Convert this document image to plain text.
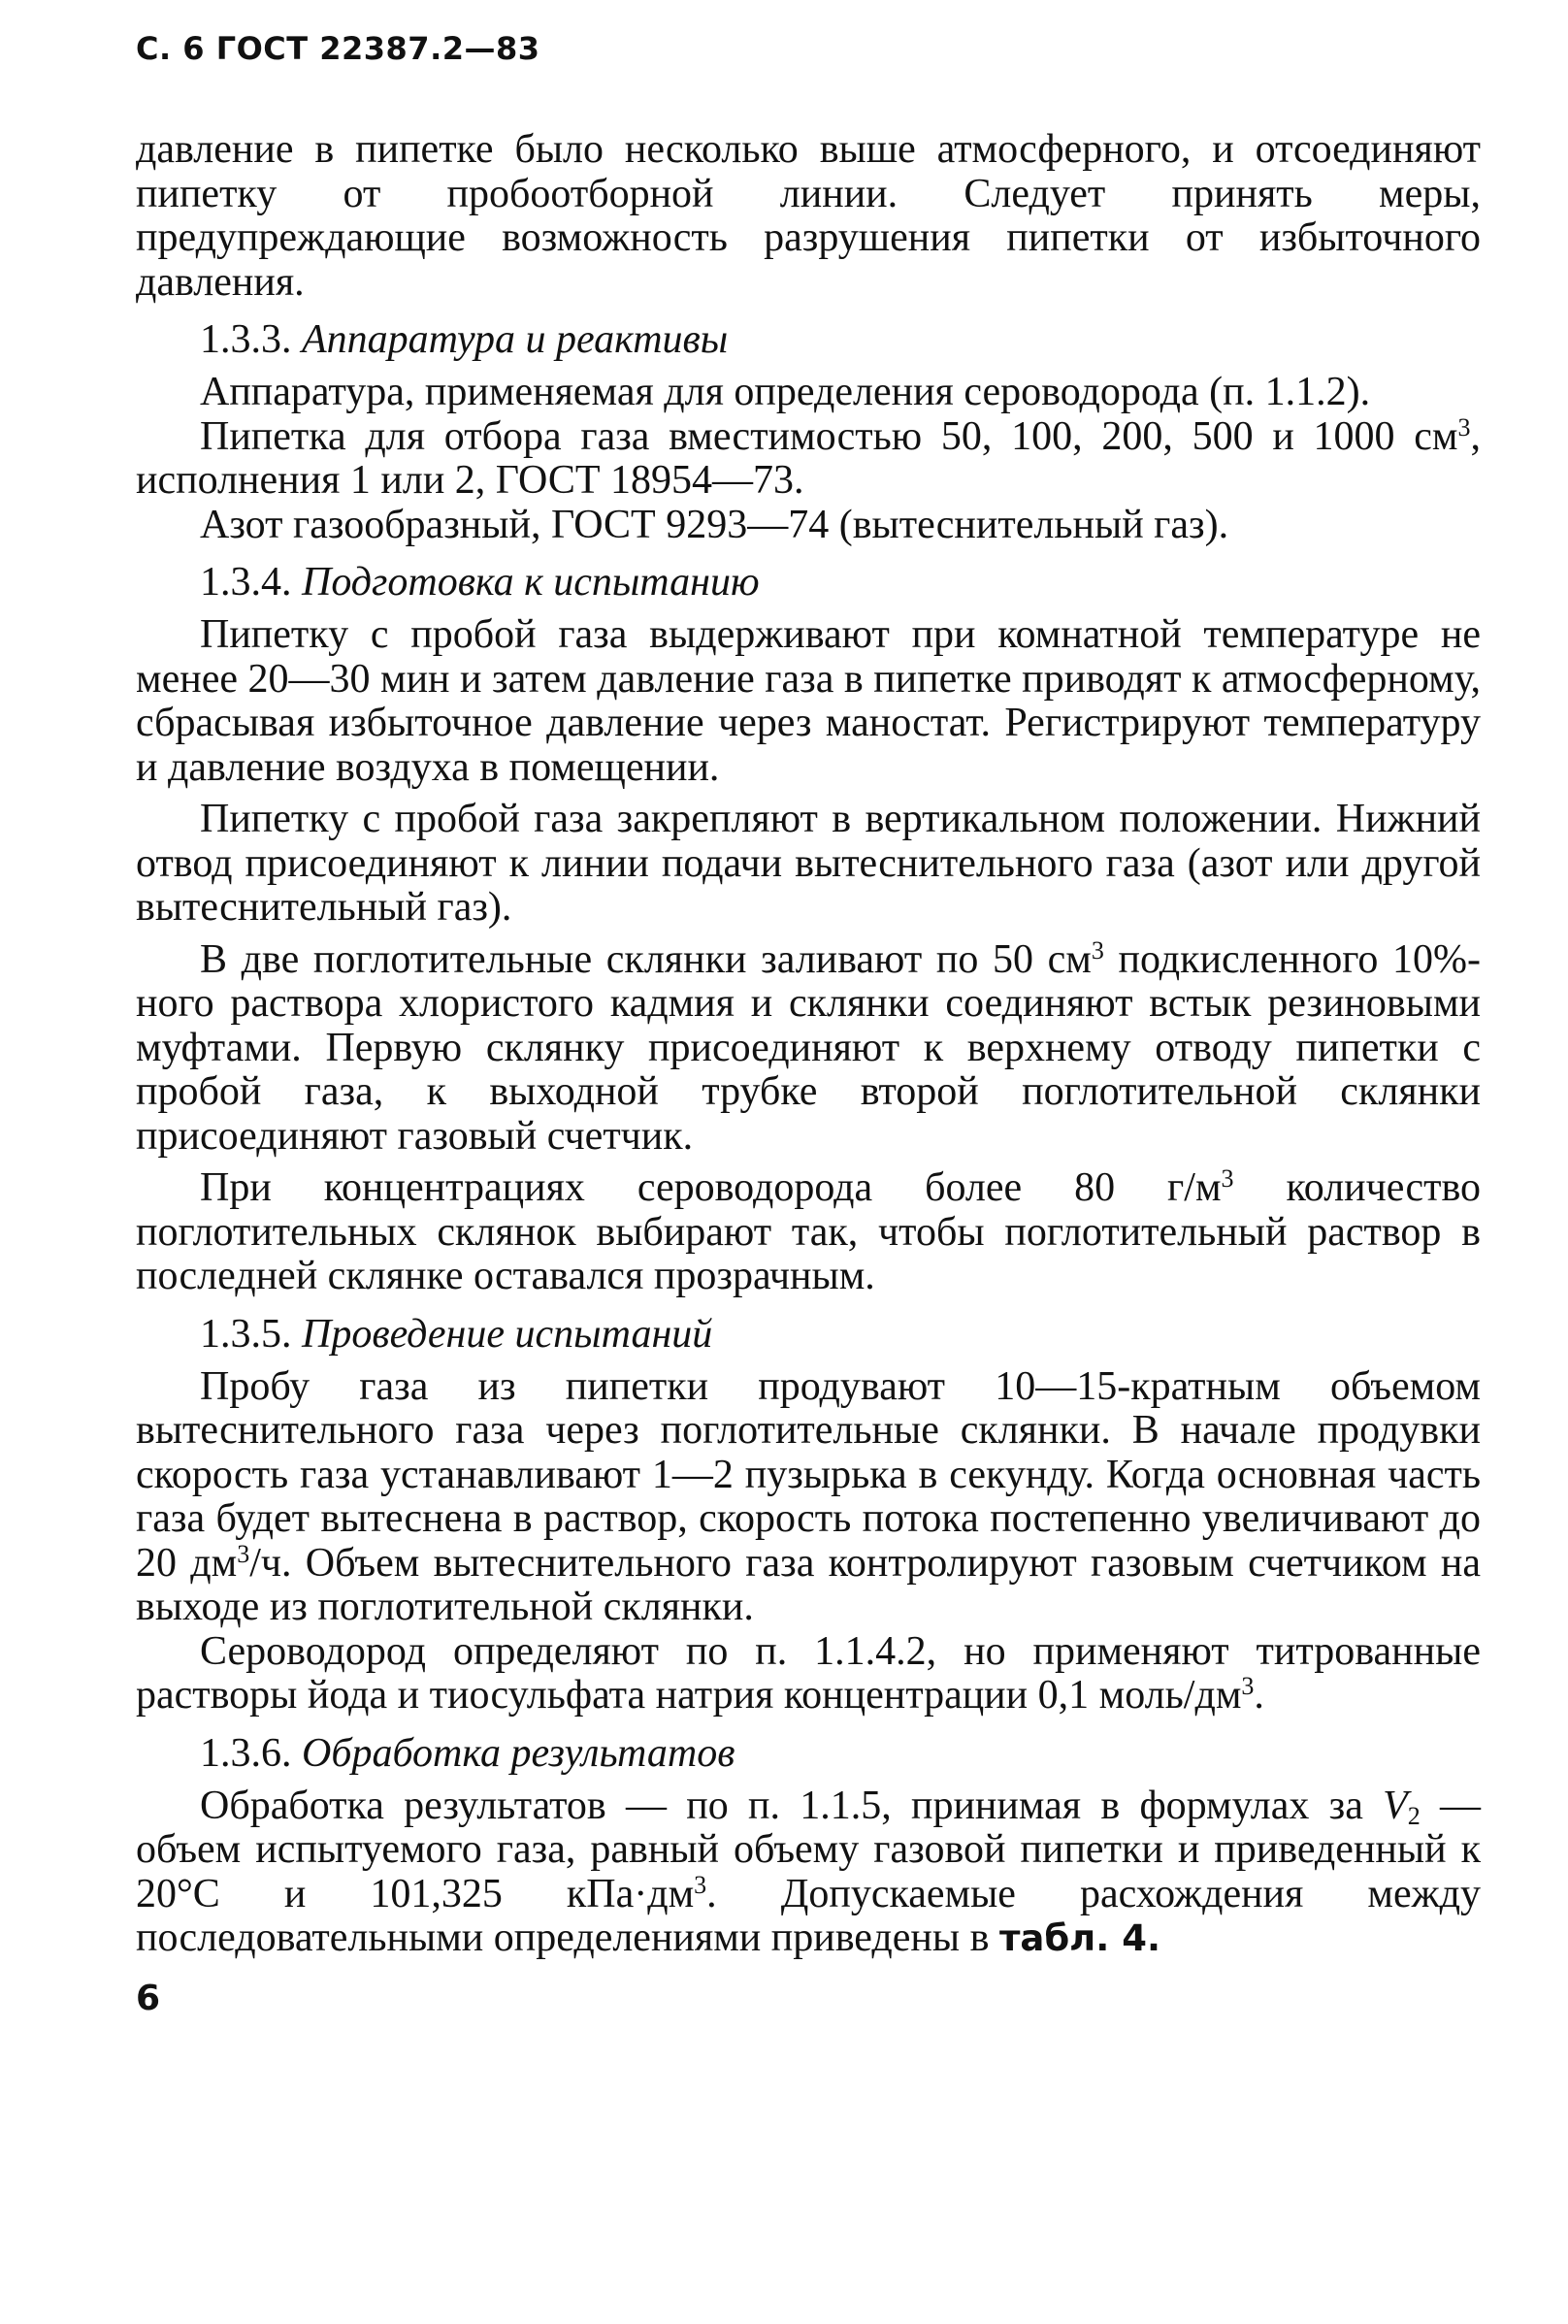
С. 6 ГОСТ 22387.2—83

давление в пипетке было несколько выше атмосферного, и отсоединяют пипетку от пробоотборной линии. Следует принять меры, предупреждающие возможность разрушения пипетки от избыточного давления.

1.3.3. Аппаратура и реактивы

Аппаратура, применяемая для определения сероводорода (п. 1.1.2).

Пипетка для отбора газа вместимостью 50, 100, 200, 500 и 1000 $см^3$, исполнения 1 или 2, ГОСТ 18954—73.

Азот газообразный, ГОСТ 9293—74 (вытеснительный газ).

1.3.4. Подготовка к испытанию

Пипетку с пробой газа выдерживают при комнатной температуре не менее 20—30 мин и затем давление газа в пипетке приводят к атмосферному, сбрасывая избыточное давление через маностат. Регистрируют температуру и давление воздуха в помещении.

Пипетку с пробой газа закрепляют в вертикальном положении. Нижний отвод присоединяют к линии подачи вытеснительного газа (азот или другой вытеснительный газ).

В две поглотительные склянки заливают по 50 $см^3$ подкисленного 10%-ного раствора хлористого кадмия и склянки соединяют встык резиновыми муфтами. Первую склянку присоединяют к верхнему отводу пипетки с пробой газа, к выходной трубке второй поглотительной склянки присоединяют газовый счетчик.

При концентрациях сероводорода более 80 $г/м^3$ количество поглотительных склянок выбирают так, чтобы поглотительный раствор в последней склянке оставался прозрачным.

1.3.5. Проведение испытаний

Пробу газа из пипетки продувают 10—15-кратным объемом вытеснительного газа через поглотительные склянки. В начале продувки скорость газа устанавливают 1—2 пузырька в секунду. Когда основная часть газа будет вытеснена в раствор, скорость потока постепенно увеличивают до 20 $дм^3/ч$. Объем вытеснительного газа контролируют газовым счетчиком на выходе из поглотительной склянки.

Сероводород определяют по п. 1.1.4.2, но применяют титрованные растворы йода и тиосульфата натрия концентрации 0,1 моль/$дм^3$.

1.3.6. Обработка результатов

Обработка результатов — по п. 1.1.5, принимая в формулах за $V_2$ — объем испытуемого газа, равный объему газовой пипетки и приведенный к 20°С и 101,325 $кПа\cdot дм^3$. Допускаемые расхождения между последовательными определениями приведены в табл. 4.

6
